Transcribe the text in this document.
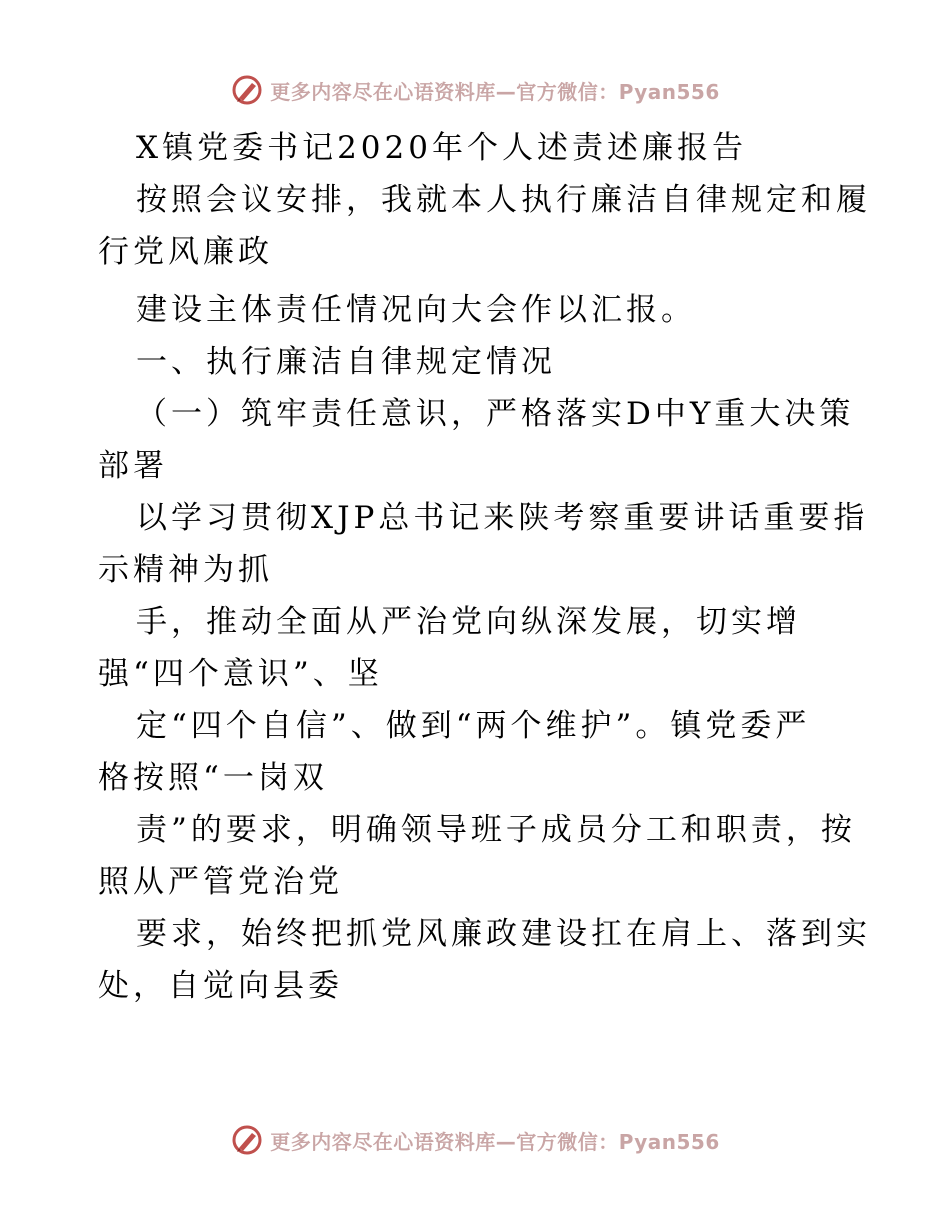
更多内容尽在心语资料库—官方微信：Pyan556
X镇党委书记2020年个人述责述廉报告
按照会议安排，我就本人执行廉洁自律规定和履
行党风廉政
建设主体责任情况向大会作以汇报。
一、执行廉洁自律规定情况
（一）筑牢责任意识，严格落实D中Y重大决策
部署
以学习贯彻XJP总书记来陕考察重要讲话重要指
示精神为抓
手，推动全面从严治党向纵深发展，切实增
强“四个意识”、坚
定“四个自信”、做到“两个维护”。镇党委严
格按照“一岗双
责”的要求，明确领导班子成员分工和职责，按
照从严管党治党
要求，始终把抓党风廉政建设扛在肩上、落到实
处，自觉向县委
更多内容尽在心语资料库—官方微信：Pyan556
